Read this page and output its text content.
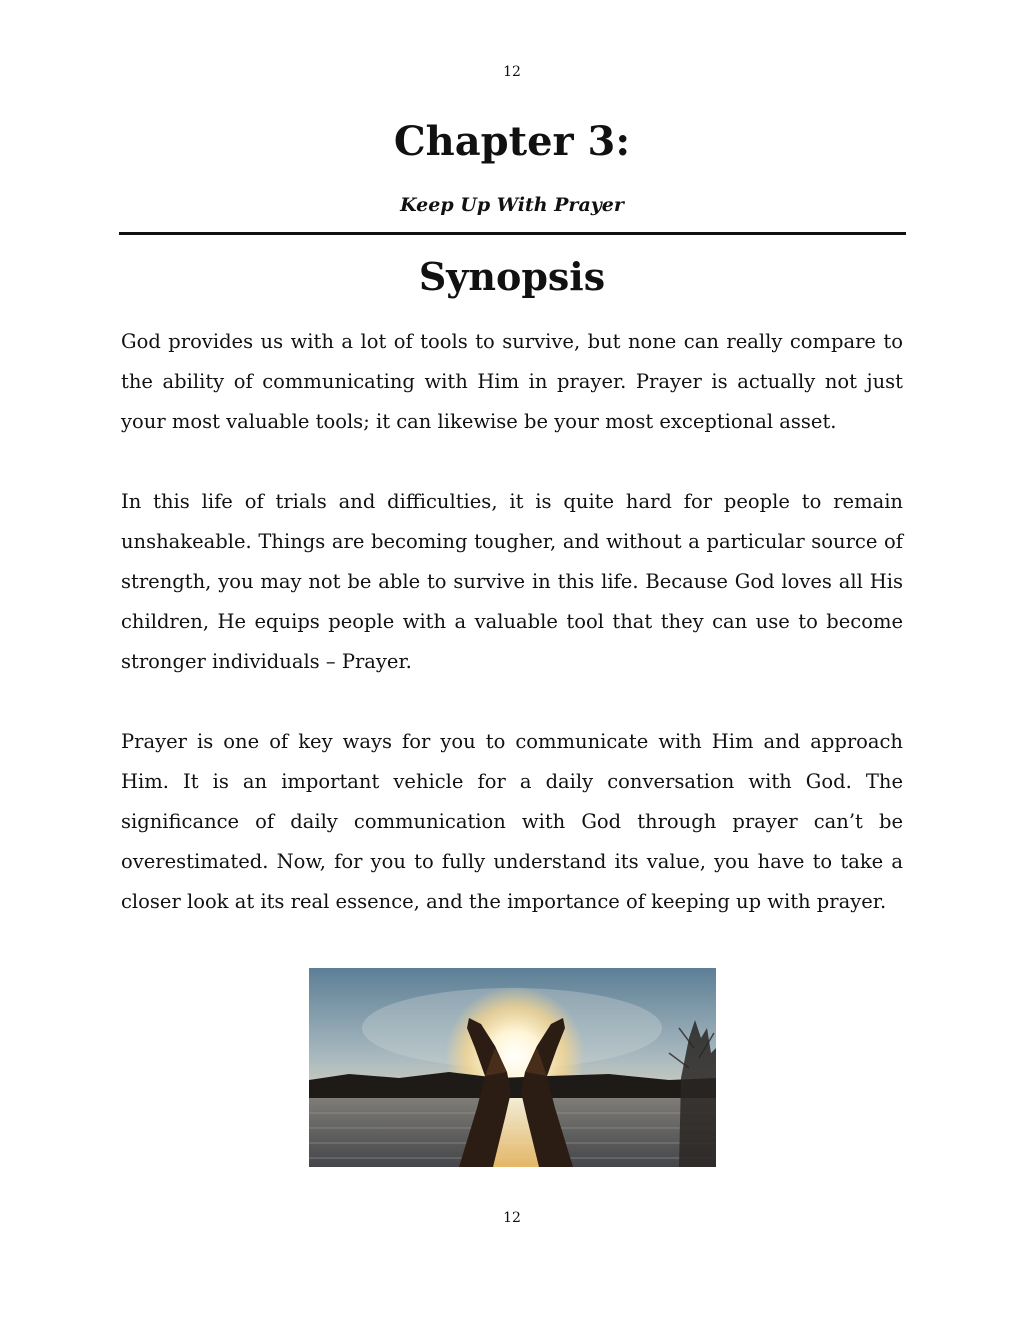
12
Chapter 3:
Keep Up With Prayer
Synopsis

God provides us with a lot of tools to survive, but none can really compare to the ability of communicating with Him in prayer. Prayer is actually not just your most valuable tools; it can likewise be your most exceptional asset.

In this life of trials and difficulties, it is quite hard for people to remain unshakeable. Things are becoming tougher, and without a particular source of strength, you may not be able to survive in this life. Because God loves all His children, He equips people with a valuable tool that they can use to become stronger individuals – Prayer.

Prayer is one of key ways for you to communicate with Him and approach Him. It is an important vehicle for a daily conversation with God. The significance of daily communication with God through prayer can’t be overestimated. Now, for you to fully understand its value, you have to take a closer look at its real essence, and the importance of keeping up with prayer.

12
